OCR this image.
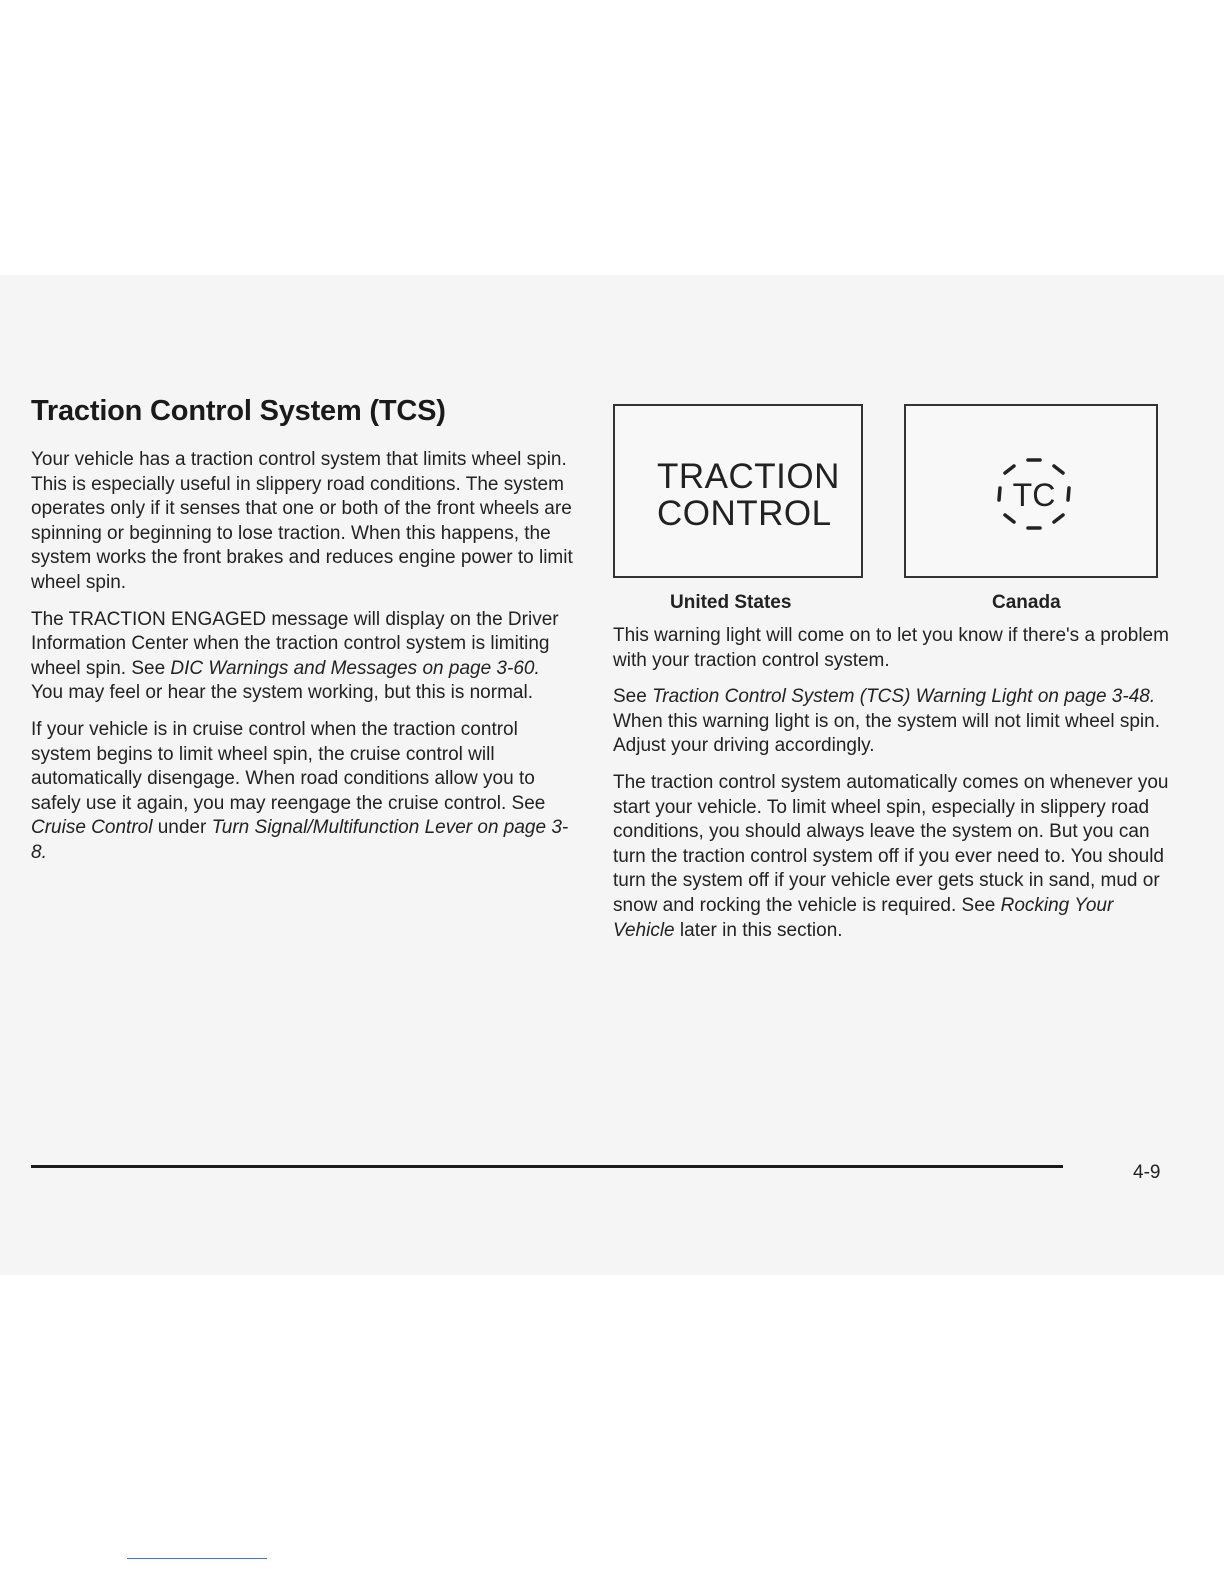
Traction Control System (TCS)

Your vehicle has a traction control system that limits wheel spin. This is especially useful in slippery road conditions. The system operates only if it senses that one or both of the front wheels are spinning or beginning to lose traction. When this happens, the system works the front brakes and reduces engine power to limit wheel spin.

The TRACTION ENGAGED message will display on the Driver Information Center when the traction control system is limiting wheel spin. See DIC Warnings and Messages on page 3-60. You may feel or hear the system working, but this is normal.

If your vehicle is in cruise control when the traction control system begins to limit wheel spin, the cruise control will automatically disengage. When road conditions allow you to safely use it again, you may reengage the cruise control. See Cruise Control under Turn Signal/Multifunction Lever on page 3-8.

TRACTION
CONTROL	TC
United States	Canada

This warning light will come on to let you know if there's a problem with your traction control system.

See Traction Control System (TCS) Warning Light on page 3-48. When this warning light is on, the system will not limit wheel spin. Adjust your driving accordingly.

The traction control system automatically comes on whenever you start your vehicle. To limit wheel spin, especially in slippery road conditions, you should always leave the system on. But you can turn the traction control system off if you ever need to. You should turn the system off if your vehicle ever gets stuck in sand, mud or snow and rocking the vehicle is required. See Rocking Your Vehicle later in this section.

4-9
